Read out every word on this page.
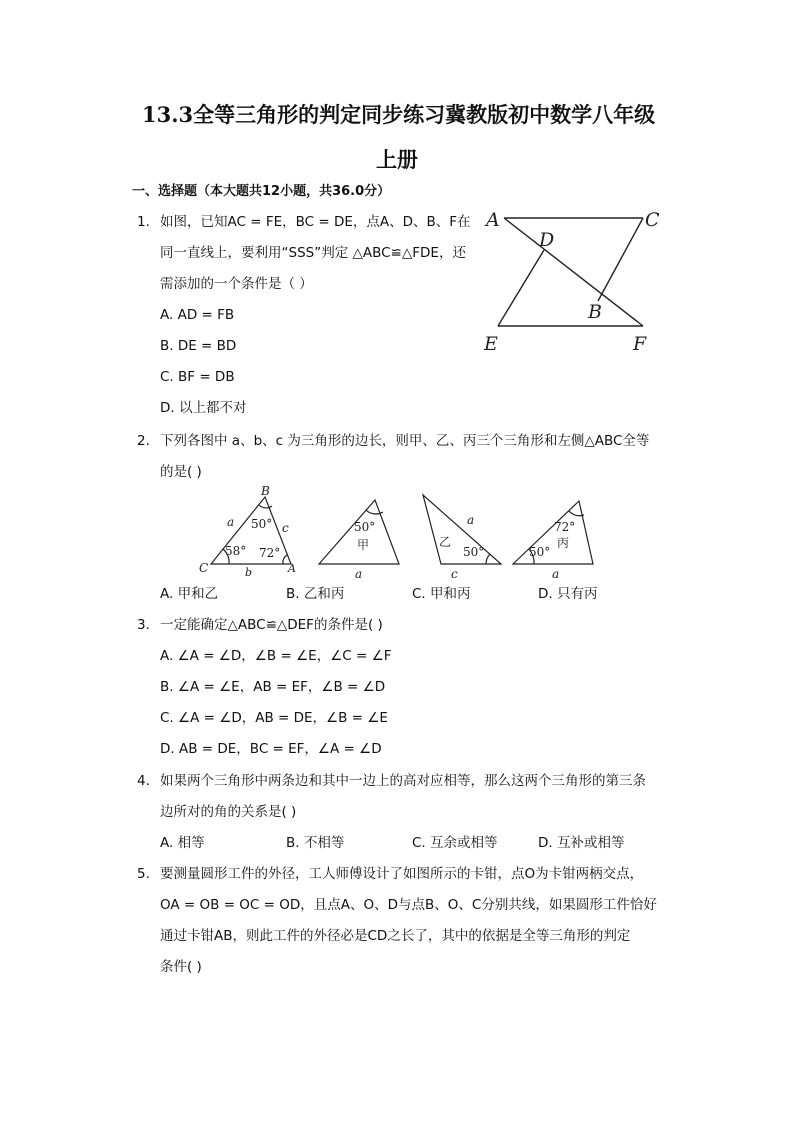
13.3全等三角形的判定同步练习冀教版初中数学八年级
上册
一、选择题（本大题共12小题，共36.0分）
1. 如图，已知AC = FE，BC = DE，点A、D、B、F在
同一直线上，要利用“SSS”判定 △ABC≌△FDE，还
需添加的一个条件是（ ）
A. AD = FB
B. DE = BD
C. BF = DB
D. 以上都不对
A	C
D
B
E	F
2. 下列各图中 a、b、c 为三角形的边长，则甲、乙、丙三个三角形和左侧△ABC全等
的是( )
B
C	A
a	c
b
50°
58° 72°
50°
甲
a
a
乙
50°
c
72°
丙
50°
a
A. 甲和乙	B. 乙和丙	C. 甲和丙	D. 只有丙
3. 一定能确定△ABC≌△DEF的条件是( )
A. ∠A = ∠D，∠B = ∠E，∠C = ∠F
B. ∠A = ∠E，AB = EF，∠B = ∠D
C. ∠A = ∠D，AB = DE，∠B = ∠E
D. AB = DE，BC = EF，∠A = ∠D
4. 如果两个三角形中两条边和其中一边上的高对应相等，那么这两个三角形的第三条
边所对的角的关系是( )
A. 相等	B. 不相等	C. 互余或相等	D. 互补或相等
5. 要测量圆形工件的外径，工人师傅设计了如图所示的卡钳，点O为卡钳两柄交点，
OA = OB = OC = OD，且点A、O、D与点B、O、C分别共线，如果圆形工件恰好
通过卡钳AB，则此工件的外径必是CD之长了，其中的依据是全等三角形的判定
条件( )
